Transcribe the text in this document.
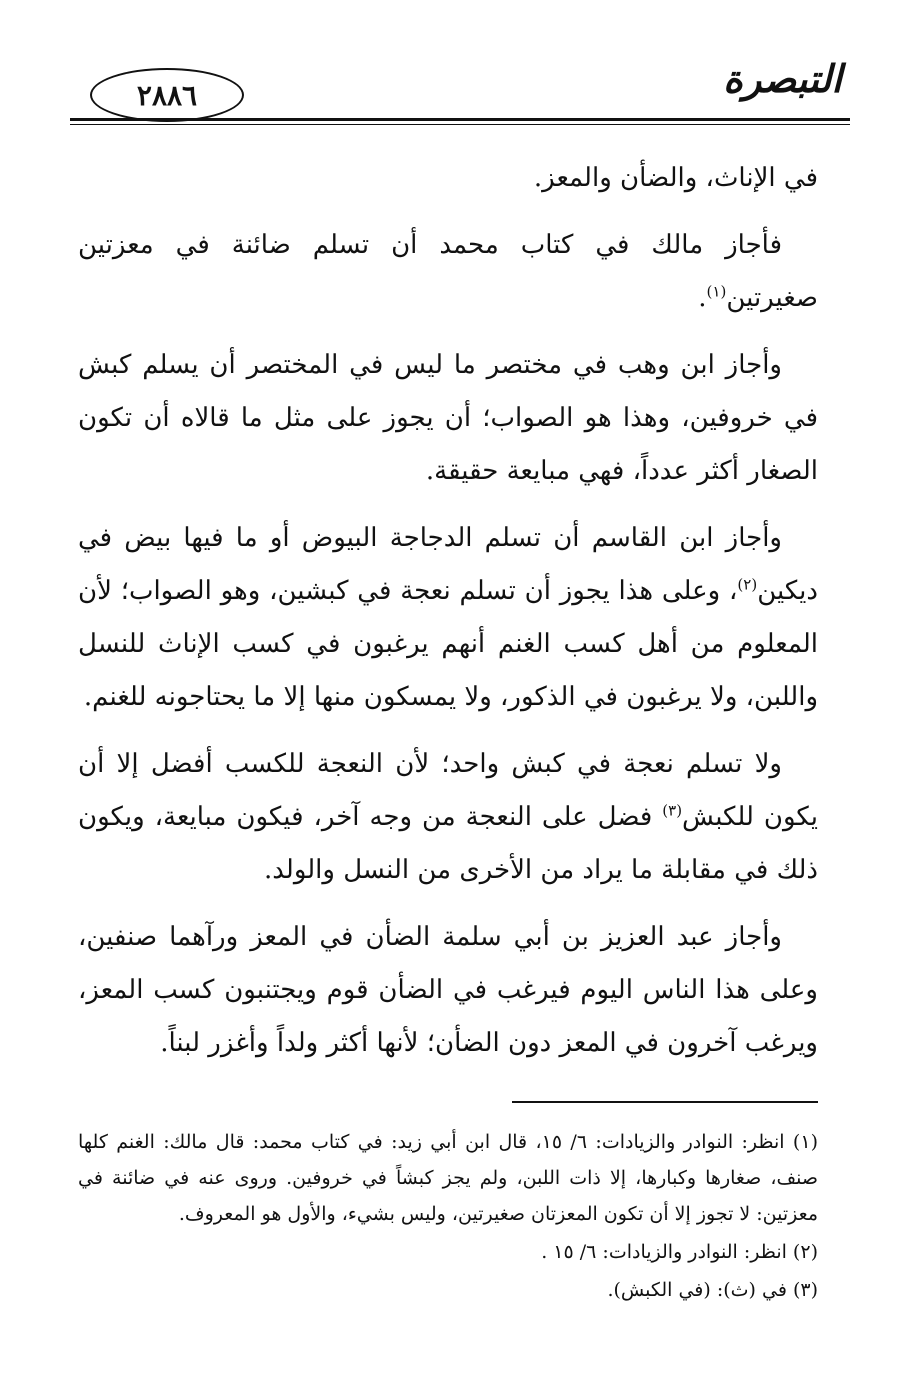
التبصرة
٢٨٨٦

في الإناث، والضأن والمعز.

فأجاز مالك في كتاب محمد أن تسلم ضائنة في معزتين صغيرتين$^{(١)}$.

وأجاز ابن وهب في مختصر ما ليس في المختصر أن يسلم كبش في خروفين، وهذا هو الصواب؛ أن يجوز على مثل ما قالاه أن تكون الصغار أكثر عدداً، فهي مبايعة حقيقة.

وأجاز ابن القاسم أن تسلم الدجاجة البيوض أو ما فيها بيض في ديكين$^{(٢)}$، وعلى هذا يجوز أن تسلم نعجة في كبشين، وهو الصواب؛ لأن المعلوم من أهل كسب الغنم أنهم يرغبون في كسب الإناث للنسل واللبن، ولا يرغبون في الذكور، ولا يمسكون منها إلا ما يحتاجونه للغنم.

ولا تسلم نعجة في كبش واحد؛ لأن النعجة للكسب أفضل إلا أن يكون للكبش$^{(٣)}$ فضل على النعجة من وجه آخر، فيكون مبايعة، ويكون ذلك في مقابلة ما يراد من الأخرى من النسل والولد.

وأجاز عبد العزيز بن أبي سلمة الضأن في المعز ورآهما صنفين، وعلى هذا الناس اليوم فيرغب في الضأن قوم ويجتنبون كسب المعز، ويرغب آخرون في المعز دون الضأن؛ لأنها أكثر ولداً وأغزر لبناً.

(١) انظر: النوادر والزيادات: ٦/ ١٥، قال ابن أبي زيد: في كتاب محمد: قال مالك: الغنم كلها صنف، صغارها وكبارها، إلا ذات اللبن، ولم يجز كبشاً في خروفين. وروى عنه في ضائنة في معزتين: لا تجوز إلا أن تكون المعزتان صغيرتين، وليس بشيء، والأول هو المعروف.
(٢) انظر: النوادر والزيادات: ٦/ ١٥ .
(٣) في (ث): (في الكبش).
